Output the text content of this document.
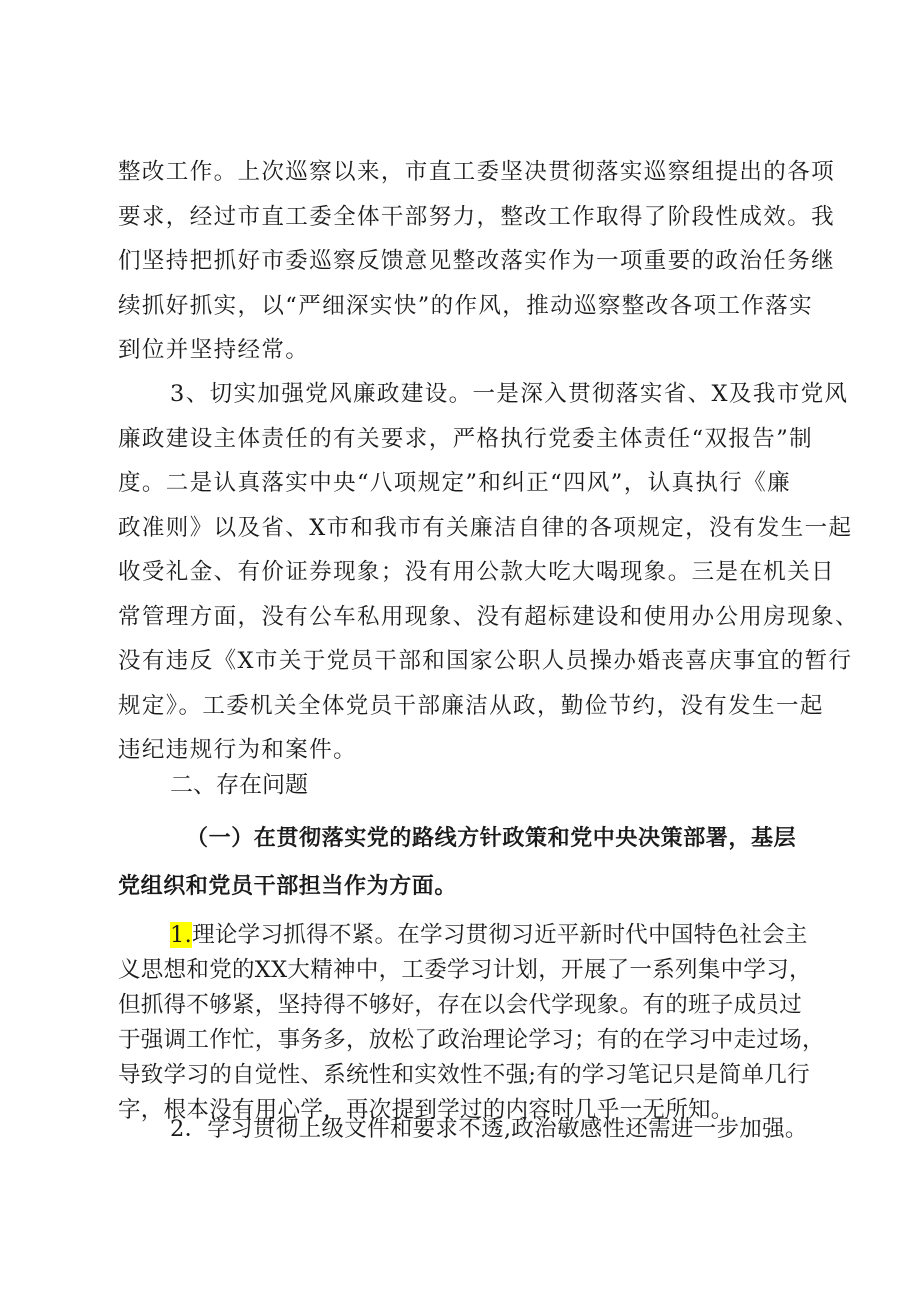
整改工作。上次巡察以来，市直工委坚决贯彻落实巡察组提出的各项
要求，经过市直工委全体干部努力，整改工作取得了阶段性成效。我
们坚持把抓好市委巡察反馈意见整改落实作为一项重要的政治任务继
续抓好抓实，以“严细深实快”的作风，推动巡察整改各项工作落实
到位并坚持经常。

3、切实加强党风廉政建设。一是深入贯彻落实省、X及我市党风
廉政建设主体责任的有关要求，严格执行党委主体责任“双报告”制
度。二是认真落实中央“八项规定”和纠正“四风”，认真执行《廉
政准则》以及省、X市和我市有关廉洁自律的各项规定，没有发生一起
收受礼金、有价证券现象；没有用公款大吃大喝现象。三是在机关日
常管理方面，没有公车私用现象、没有超标建设和使用办公用房现象、
没有违反《X市关于党员干部和国家公职人员操办婚丧喜庆事宜的暂行
规定》。工委机关全体党员干部廉洁从政，勤俭节约，没有发生一起
违纪违规行为和案件。

二、存在问题
（一）在贯彻落实党的路线方针政策和党中央决策部署，基层
党组织和党员干部担当作为方面。

1.理论学习抓得不紧。在学习贯彻习近平新时代中国特色社会主
义思想和党的XX大精神中，工委学习计划，开展了一系列集中学习，
但抓得不够紧，坚持得不够好，存在以会代学现象。有的班子成员过
于强调工作忙，事务多，放松了政治理论学习；有的在学习中走过场，
导致学习的自觉性、系统性和实效性不强;有的学习笔记只是简单几行
字，根本没有用心学，再次提到学过的内容时几乎一无所知。

2．学习贯彻上级文件和要求不透,政治敏感性还需进一步加强。
